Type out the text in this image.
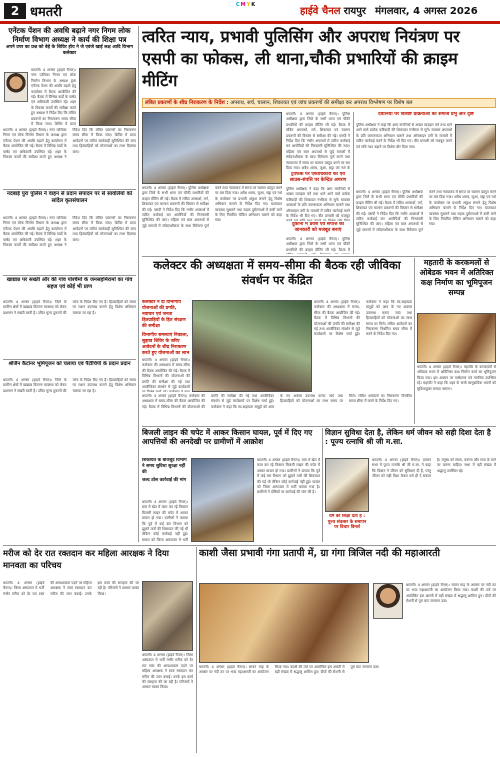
2 धमतरी	CMYK
हाईवे चैनल रायपुर मंगलवार, 4 अगस्त 2026
एनेंटक पेंशन की अवधि बढ़ाने नगर निगम लोक निर्माण विभाग अध्यक्ष ने कार्य की शिक्षा पत्र
अपने उपर का प्रश्न को बेहे के शिविर होय ने जे एवंजे खाई लक्ष आदि विभाग कलेक्टर
धमतरी। 4 अगस्त (हाइवे चैनल)। नगर पालिका निगम एवं लोक निर्माण विभाग के अध्यक्ष द्वारा एनेंटक पेंशन की अवधि बढ़ाने हेतु कार्यालय में बैठक आयोजित की गई। बैठक में विभिन्न वार्डों के पार्षद एवं अधिकारी उपस्थित रहे। शहर के विकास कार्यों की समीक्षा करते हुए अध्यक्ष ने निर्देश दिए कि लंबित प्रकरणों का निराकरण समय सीमा में किया जाए। शिविर में प्राप्त
धमतरी। 4 अगस्त (हाइवे चैनल)। नगर पालिका निगम एवं लोक निर्माण विभाग के अध्यक्ष द्वारा एनेंटक पेंशन की अवधि बढ़ाने हेतु कार्यालय में बैठक आयोजित की गई। बैठक में विभिन्न वार्डों के पार्षद एवं अधिकारी उपस्थित रहे। शहर के विकास कार्यों की समीक्षा करते हुए अध्यक्ष ने निर्देश दिए कि लंबित प्रकरणों का निराकरण समय सीमा में किया जाए। शिविर में प्राप्त आवेदनों पर त्वरित कार्यवाही सुनिश्चित की जाए तथा हितग्राहियों को योजनाओं का लाभ दिलाया जाए।
नदबाई पुरा पुलिस ने वाहन से प्रदान संपादन पर से सावलियों को सांदेल कृतसंचालन
धमतरी। 4 अगस्त (हाइवे चैनल)। नगर पालिका निगम एवं लोक निर्माण विभाग के अध्यक्ष द्वारा एनेंटक पेंशन की अवधि बढ़ाने हेतु कार्यालय में बैठक आयोजित की गई। बैठक में विभिन्न वार्डों के पार्षद एवं अधिकारी उपस्थित रहे। शहर के विकास कार्यों की समीक्षा करते हुए अध्यक्ष ने निर्देश दिए कि लंबित प्रकरणों का निराकरण समय सीमा में किया जाए। शिविर में प्राप्त आवेदनों पर त्वरित कार्यवाही सुनिश्चित की जाए तथा हितग्राहियों को योजनाओं का लाभ दिलाया जाए।
खाद्यान्न पर सख्ती और की गांव पश्चिमों के जनसहमिरामों का गांव सहज एवं कोई भी प्राण
धमतरी। 4 अगस्त (हाइवे चैनल)। जिले के ग्रामीण क्षेत्रों में खाद्यान्न वितरण व्यवस्था को लेकर प्रशासन ने सख्ती बरती है। उचित मूल्य दुकानों की जांच के निर्देश दिए गए हैं। हितग्राहियों को समय पर राशन उपलब्ध कराने हेतु विशेष अभियान चलाया जा रहा है।
श्रीजैन कैंटोनर भूमिपूजन को चलाया एवं पैंटीचिपी के प्रदान प्रदान
धमतरी। 4 अगस्त (हाइवे चैनल)। जिले के ग्रामीण क्षेत्रों में खाद्यान्न वितरण व्यवस्था को लेकर प्रशासन ने सख्ती बरती है। उचित मूल्य दुकानों की जांच के निर्देश दिए गए हैं। हितग्राहियों को समय पर राशन उपलब्ध कराने हेतु विशेष अभियान चलाया जा रहा है।
त्वरित न्याय, प्रभावी पुलिसिंग और अपराध नियंत्रण पर एसपी का फोकस, ली थाना,चौकी प्रभारियों की क्राइम मीटिंग
लंबित प्रकरणों के शीघ्र निराकरण के निर्देश : अपराध, सर्च, चालान, शिकायत एवं जांच प्रकरणों की समीक्षा कर अपराध विश्लेषण पर विशेष बल
धमतरी। 4 अगस्त (हाइवे चैनल)। पुलिस अधीक्षक द्वारा जिले के सभी थाना एवं चौकी प्रभारियों की क्राइम मीटिंग ली गई। बैठक में लंबित अपराधों, मर्ग, शिकायत एवं चालान प्रकरणों की विस्तार से समीक्षा की गई। एसपी ने निर्देश दिए कि गंभीर अपराधों में त्वरित कार्रवाई कर आरोपियों की गिरफ्तारी सुनिश्चित की जाए। महिला एवं बाल अपराधों से जुड़े मामलों में संवेदनशीलता के साथ विवेचना पूर्ण करने तथा न्यायालय में समय पर चालान प्रस्तुत करने पर बल दिया गया। अवैध शराब, जुआ, सट्टा एवं नशे के कारोबार पर प्रभावी अंकुश लगाने हेतु विशेष अभियान चलाने के निर्देश दिए गए। यातायात व्यवस्था सुधारने तथा सड़क दुर्घटनाओं में कमी लाने के लिए नियमित चेकिंग अभियान चलाने को कहा गया।
धमतरी। 4 अगस्त (हाइवे चैनल)। पुलिस अधीक्षक द्वारा जिले के सभी थाना एवं चौकी प्रभारियों की क्राइम मीटिंग ली गई। बैठक में लंबित अपराधों, मर्ग, शिकायत एवं चालान प्रकरणों की विस्तार से समीक्षा की गई। एसपी ने निर्देश दिए कि गंभीर अपराधों में त्वरित कार्रवाई कर आरोपियों की गिरफ्तारी सुनिश्चित की जाए। महिला एवं बाल अपराधों से जुड़े मामलों में संवेदनशीलता के साथ विवेचना पूर्ण करने तथा न्यायालय में समय पर चालान प्रस्तुत करने पर बल दिया गया। अवैध शराब, जुआ, सट्टा एवं नशे के
ट्राफिक पर एकाधिकारी को एवं साउस-संपत्ति पर केन्द्रित अमरण
पुलिस अधीक्षक ने कहा कि आम नागरिकों से अच्छा व्यवहार करें तथा थाने आने वाले प्रत्येक फरियादी की शिकायत गंभीरता से सुनें। सायबर अपराधों के प्रति जागरूकता अभियान चलाने तथा ऑनलाइन ठगी के मामलों में त्वरित कार्रवाई करने के निर्देश भी दिए गए। बीट प्रणाली को मजबूत
दुकानों में प्रवेश एवं संपत्ति की जानकारी को मजबूत बनाएं
धमतरी। 4 अगस्त (हाइवे चैनल)। पुलिस अधीक्षक द्वारा जिले के सभी थाना एवं चौकी प्रभारियों की क्राइम मीटिंग ली गई। बैठक में
दवानियों पर विशिष्ट प्रक्रियाओं को समाज प्रभु और दृष्टि
पुलिस अधीक्षक ने कहा कि आम नागरिकों से अच्छा व्यवहार करें तथा थाने आने वाले प्रत्येक फरियादी की शिकायत गंभीरता से सुनें। सायबर अपराधों के प्रति जागरूकता अभियान चलाने तथा ऑनलाइन ठगी के मामलों में त्वरित कार्रवाई करने के निर्देश भी दिए गए। बीट प्रणाली को मजबूत करने एवं रात्रि गश्त बढ़ाने पर विशेष जोर दिया गया।
धमतरी। 4 अगस्त (हाइवे चैनल)। पुलिस अधीक्षक द्वारा जिले के सभी थाना एवं चौकी प्रभारियों की क्राइम मीटिंग ली गई। बैठक में लंबित अपराधों, मर्ग, शिकायत एवं चालान प्रकरणों की विस्तार से समीक्षा की गई। एसपी ने निर्देश दिए कि गंभीर अपराधों में त्वरित कार्रवाई कर आरोपियों की गिरफ्तारी सुनिश्चित की जाए। महिला एवं बाल अपराधों से जुड़े मामलों में संवेदनशीलता के साथ विवेचना पूर्ण करने तथा न्यायालय में समय पर चालान प्रस्तुत करने पर बल दिया गया। अवैध शराब, जुआ, सट्टा एवं नशे के कारोबार पर प्रभावी अंकुश लगाने हेतु विशेष अभियान चलाने के निर्देश दिए गए। यातायात व्यवस्था सुधारने तथा सड़क दुर्घटनाओं में कमी लाने के लिए नियमित चेकिंग अभियान चलाने को कहा गया।
कलेक्टर की अध्यक्षता में समय–सीमा की बैठक रही जीविका संवर्धन पर केंद्रित
कलेक्टर ने दी विभागीय योजनाओं की प्रगति, नवाचार एवं जनता हितग्राहियों के हित संरक्षण की समीक्षा
विभागीय समस्याएं निकाला, सुझाव शिविर के जरिए आवेदनों के शीघ्र निराकरण करते हुए योजनाओं का लाभ
धमतरी। 4 अगस्त (हाइवे चैनल)। कलेक्टर की अध्यक्षता में समय-सीमा की बैठक आयोजित की गई। बैठक में विभिन्न विभागों की योजनाओं की प्रगति की समीक्षा की गई तथा आजीविका संवर्धन से जुड़े कार्यक्रमों पर विशेष चर्चा हुई। कलेक्टर ने कहा कि स्व-सहायता समूहों को आय के नए अवसर उपलब्ध कराए जाएं तथा हितग्राहियों को योजनाओं का लाभ समय पर मिले। लंबित आवेदनों का निराकरण निर्धारित समय सीमा में करने के निर्देश दिए गए।
धमतरी। 4 अगस्त (हाइवे चैनल)। कलेक्टर की अध्यक्षता में समय-सीमा की बैठक आयोजित की गई। बैठक में विभिन्न विभागों की योजनाओं की प्रगति की समीक्षा की गई तथा आजीविका संवर्धन से जुड़े कार्यक्रमों
धमतरी। 4 अगस्त (हाइवे चैनल)। कलेक्टर की अध्यक्षता में समय-सीमा की बैठक आयोजित की गई। बैठक में विभिन्न विभागों की योजनाओं की प्रगति की समीक्षा की गई तथा आजीविका संवर्धन से जुड़े कार्यक्रमों पर विशेष चर्चा हुई। कलेक्टर ने कहा कि स्व-सहायता समूहों को आय के नए अवसर उपलब्ध कराए जाएं तथा हितग्राहियों को योजनाओं का लाभ समय पर मिले। लंबित आवेदनों का निराकरण निर्धारित समय सीमा में करने के निर्देश दिए गए।
महतारी के करकमलों से ओबेडक भवन में अतिरिक्त कक्ष निर्माण का भूमिपूजन सम्पन्न
धमतरी। 4 अगस्त (हाइवे चैनल)। महापौर के करकमलों से ओबेडक भवन में अतिरिक्त कक्ष निर्माण कार्य का भूमिपूजन किया गया। इस अवसर पर पार्षदगण एवं नागरिक उपस्थित रहे। महापौर ने कहा कि शहर के सभी सामुदायिक भवनों को सुविधायुक्त बनाया जाएगा।
बिजली लाइन की चपेट में आकर किसान घायल, पूर्व में दिए गए आपत्तियों की अनदेखी पर ग्रामीणों में आक्रोश
शिकायत के बावजूद विभाग ने समय सुविधा सुरक्षा नहीं की
जल्द ठोस कार्रवाई की मांग
धमतरी। 4 अगस्त (हाइवे चैनल)। ग्राम में खेत में काम कर रहे किसान बिजली लाइन की चपेट में आकर घायल हो गया। ग्रामीणों ने बताया कि पूर्व में कई बार विभाग को झूलते तारों की शिकायत की गई थी लेकिन कोई कार्रवाई नहीं हुई। घायल को जिला अस्पताल में भर्ती
धमतरी। 4 अगस्त (हाइवे चैनल)। ग्राम में खेत में काम कर रहे किसान बिजली लाइन की चपेट में आकर घायल हो गया। ग्रामीणों ने बताया कि पूर्व में कई बार विभाग को झूलते तारों की शिकायत की गई थी लेकिन कोई कार्रवाई नहीं हुई। घायल को जिला अस्पताल में भर्ती कराया गया है। ग्रामीणों ने दोषियों पर कार्रवाई की मांग की है।
विज्ञान सुविधा देता है, लेकिन धर्म जीवन को सही दिशा देता है : पूज्य रत्नाधि श्री जी म.सा.
धर्म की शिक्षा देता है : पूज्य संवत्सर के समापन पर विचार विमर्श
धमतरी। 4 अगस्त (हाइवे चैनल)। प्रवचन सभा में पूज्य रत्नाधि श्री जी म.सा. ने कहा कि विज्ञान ने जीवन को सुविधाएं दी हैं, परंतु जीवन को सही दिशा केवल धर्म ही दे सकता है। मनुष्य को संयम, करुणा और सत्य के मार्ग पर चलना चाहिए। सभा में बड़ी संख्या में श्रद्धालु उपस्थित रहे।
मरीज को देर रात रक्तदान कर महिला आरक्षक ने दिया मानवता का परिचय
धमतरी। 4 अगस्त (हाइवे चैनल)। जिला अस्पताल में भर्ती गंभीर मरीज को देर रात रक्त की आवश्यकता पड़ने पर महिला आरक्षक ने स्वयं रक्तदान कर मरीज की जान बचाई। उनके इस कार्य की सराहना की जा रही है। परिजनों ने आभार व्यक्त किया।
धमतरी। 4 अगस्त (हाइवे चैनल)। जिला अस्पताल में भर्ती गंभीर मरीज को देर रात रक्त की आवश्यकता पड़ने पर महिला आरक्षक ने स्वयं रक्तदान कर मरीज की जान बचाई। उनके इस कार्य की सराहना की जा रही है। परिजनों ने आभार व्यक्त किया।
काशी जैसा प्रभावी गंगा प्रतापी में, ग्रा गंगा त्रिजिल नदी की महाआरती
धमतरी। 4 अगस्त (हाइवे चैनल)। सावन माह के अवसर पर नदी तट पर भव्य महाआरती का आयोजन किया गया। काशी की तर्ज पर आयोजित इस आरती में बड़ी संख्या में श्रद्धालु शामिल हुए। दीपों की रोशनी से पूरा घाट जगमगा उठा।
धमतरी। 4 अगस्त (हाइवे चैनल)। सावन माह के अवसर पर नदी तट पर भव्य महाआरती का आयोजन किया गया। काशी की तर्ज पर आयोजित इस आरती में बड़ी संख्या में श्रद्धालु शामिल हुए। दीपों की रोशनी से पूरा घाट जगमगा उठा।
